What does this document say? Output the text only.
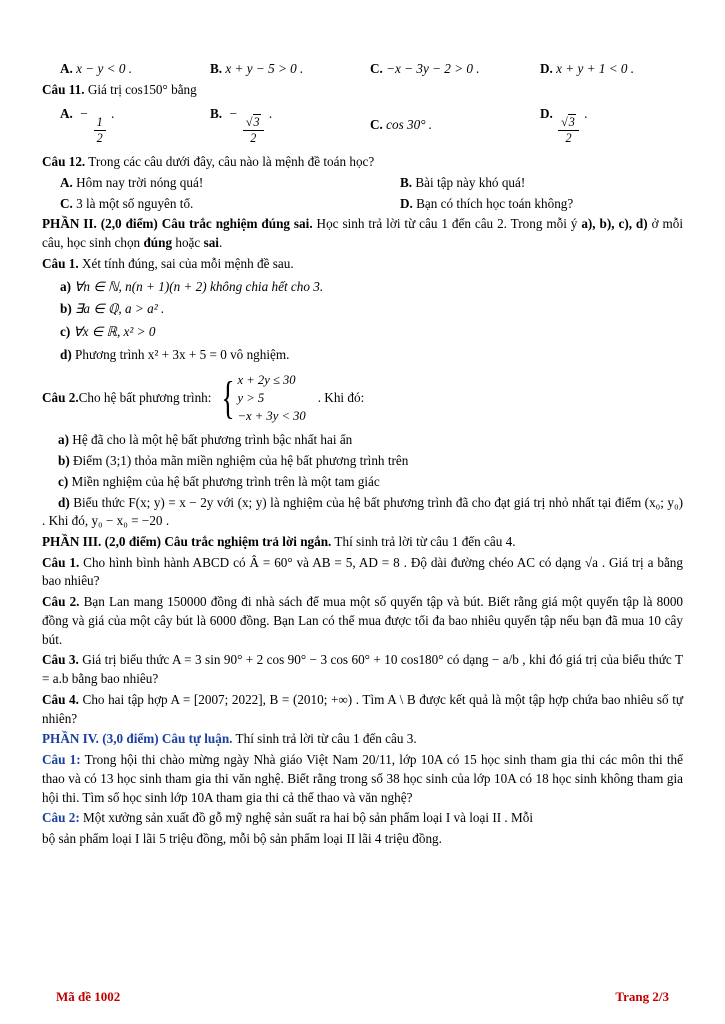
A. x − y < 0 .	B. x + y − 5 > 0 .	C. −x − 3y − 2 > 0 .	D. x + y + 1 < 0 .
Câu 11. Giá trị cos150° bằng
A.  −
$\frac{1}{2}$
.	B.  −
$\frac{√3}{2}$
.
C. cos 30° .
D.
$\frac{√3}{2}$
.
Câu 12. Trong các câu dưới đây, câu nào là mệnh đề toán học?
A. Hôm nay trời nóng quá!	B. Bài tập này khó quá!
C. 3 là một số nguyên tố.	D. Bạn có thích học toán không?
PHẦN II. (2,0 điểm) Câu trắc nghiệm đúng sai. Học sinh trả lời từ câu 1 đến câu 2. Trong mỗi ý a), b), c), d) ở mỗi câu, học sinh chọn đúng hoặc sai.
Câu 1. Xét tính đúng, sai của mỗi mệnh đề sau.
a) ∀n ∈ ℕ, n(n + 1)(n + 2) không chia hết cho 3.
b) ∃a ∈ ℚ, a > a² .
c) ∀x ∈ ℝ, x² > 0
d) Phương trình x² + 3x + 5 = 0 vô nghiệm.
Câu 2. Cho hệ bất phương trình: { x + 2y ≤ 30
y > 5
−x + 3y < 30
. Khi đó:
a) Hệ đã cho là một hệ bất phương trình bậc nhất hai ẩn
b) Điểm (3;1) thỏa mãn miền nghiệm của hệ bất phương trình trên
c) Miền nghiệm của hệ bất phương trình trên là một tam giác
d) Biểu thức F(x; y) = x − 2y với (x; y) là nghiệm của hệ bất phương trình đã cho đạt giá trị nhỏ nhất tại điểm (x₀; y₀) . Khi đó, y₀ − x₀ = −20 .
PHẦN III. (2,0 điểm) Câu trắc nghiệm trả lời ngắn. Thí sinh trả lời từ câu 1 đến câu 4.
Câu 1. Cho hình bình hành ABCD có Â = 60° và AB = 5, AD = 8 . Độ dài đường chéo AC có dạng √a . Giá trị a bằng bao nhiêu?
Câu 2. Bạn Lan mang 150000 đồng đi nhà sách để mua một số quyển tập và bút. Biết rằng giá một quyển tập là 8000 đồng và giá của một cây bút là 6000 đồng. Bạn Lan có thể mua được tối đa bao nhiêu quyển tập nếu bạn đã mua 10 cây bút.
Câu 3. Giá trị biểu thức A = 3 sin 90° + 2 cos 90° − 3 cos 60° + 10 cos180° có dạng − a/b , khi đó giá trị của biểu thức T = a.b bằng bao nhiêu?
Câu 4. Cho hai tập hợp A = [2007; 2022], B = (2010; +∞) . Tìm A \ B được kết quả là một tập hợp chứa bao nhiêu số tự nhiên?
PHẦN IV. (3,0 điểm) Câu tự luận. Thí sinh trả lời từ câu 1 đến câu 3.
Câu 1: Trong hội thi chào mừng ngày Nhà giáo Việt Nam 20/11, lớp 10A có 15 học sinh tham gia thi các môn thi thể thao và có 13 học sinh tham gia thi văn nghệ. Biết rằng trong số 38 học sinh của lớp 10A có 18 học sinh không tham gia hội thi. Tìm số học sinh lớp 10A tham gia thi cả thể thao và văn nghệ?
Câu 2: Một xưởng sản xuất đồ gỗ mỹ nghệ sản suất ra hai bộ sản phẩm loại I và loại II . Mỗi
bộ sản phẩm loại I lãi 5 triệu đồng, mỗi bộ sản phẩm loại II lãi 4 triệu đồng.
Mã đề 1002	Trang 2/3
